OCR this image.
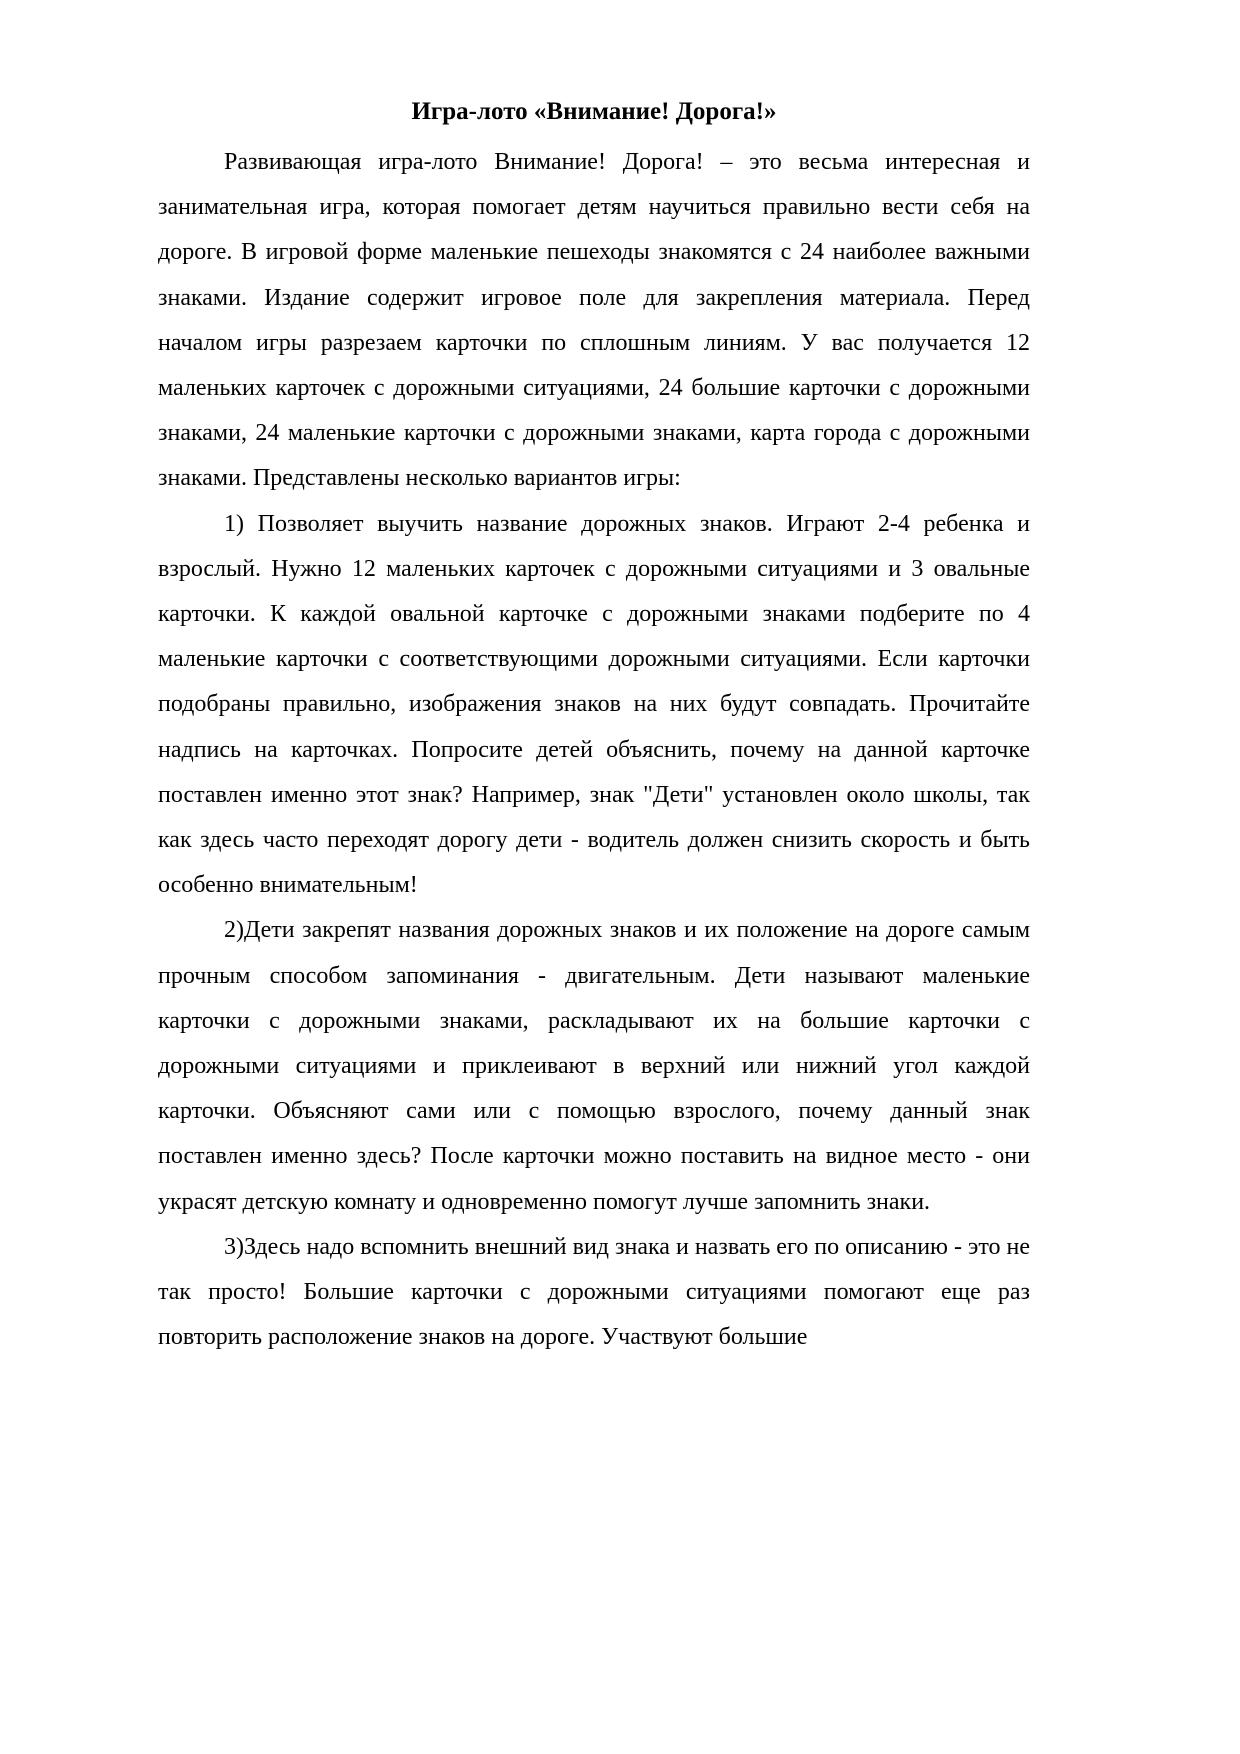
Игра-лото «Внимание! Дорога!»

Развивающая игра-лото Внимание! Дорога! – это весьма интересная и занимательная игра, которая помогает детям научиться правильно вести себя на дороге. В игровой форме маленькие пешеходы знакомятся с 24 наиболее важными знаками. Издание содержит игровое поле для закрепления материала. Перед началом игры разрезаем карточки по сплошным линиям. У вас получается 12 маленьких карточек с дорожными ситуациями, 24 большие карточки с дорожными знаками, 24 маленькие карточки с дорожными знаками, карта города с дорожными знаками. Представлены несколько вариантов игры:

1) Позволяет выучить название дорожных знаков. Играют 2-4 ребенка и взрослый. Нужно 12 маленьких карточек с дорожными ситуациями и 3 овальные карточки. К каждой овальной карточке с дорожными знаками подберите по 4 маленькие карточки с соответствующими дорожными ситуациями. Если карточки подобраны правильно, изображения знаков на них будут совпадать. Прочитайте надпись на карточках. Попросите детей объяснить, почему на данной карточке поставлен именно этот знак? Например, знак "Дети" установлен около школы, так как здесь часто переходят дорогу дети - водитель должен снизить скорость и быть особенно внимательным!

2)Дети закрепят названия дорожных знаков и их положение на дороге самым прочным способом запоминания - двигательным. Дети называют маленькие карточки с дорожными знаками, раскладывают их на большие карточки с дорожными ситуациями и приклеивают в верхний или нижний угол каждой карточки. Объясняют сами или с помощью взрослого, почему данный знак поставлен именно здесь? После карточки можно поставить на видное место - они украсят детскую комнату и одновременно помогут лучше запомнить знаки.

3)Здесь надо вспомнить внешний вид знака и назвать его по описанию - это не так просто! Большие карточки с дорожными ситуациями помогают еще раз повторить расположение знаков на дороге. Участвуют большие
